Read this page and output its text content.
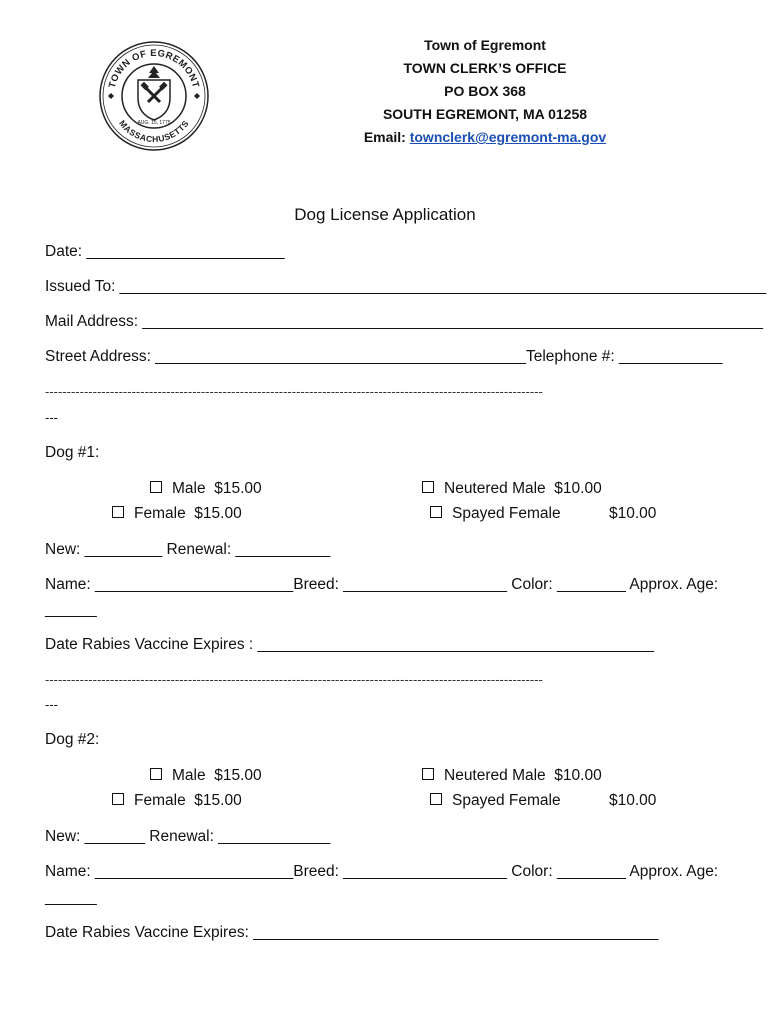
TOWN OF EGREMONT
MASSACHUSETTS
AUG. 15, 1775
Town of Egremont
TOWN CLERK’S OFFICE
PO BOX 368
SOUTH EGREMONT, MA 01258
Email: townclerk@egremont-ma.gov
Dog License Application
Date: _______________________
Issued To: ___________________________________________________________________________
Mail Address: ________________________________________________________________________
Street Address: ___________________________________________Telephone #: ____________
-------------------------------------------------------------------------------------------------------------------
---
Dog #1:
Male  $15.00
Female  $15.00
Neutered Male  $10.00
Spayed Female	$10.00
New: _________ Renewal: ___________
Name: _______________________Breed: ___________________ Color: ________ Approx. Age:
______
Date Rabies Vaccine Expires : ______________________________________________
-------------------------------------------------------------------------------------------------------------------
---
Dog #2:
Male  $15.00
Female  $15.00
Neutered Male  $10.00
Spayed Female	$10.00
New: _______ Renewal: _____________
Name: _______________________Breed: ___________________ Color: ________ Approx. Age:
______
Date Rabies Vaccine Expires: _______________________________________________
